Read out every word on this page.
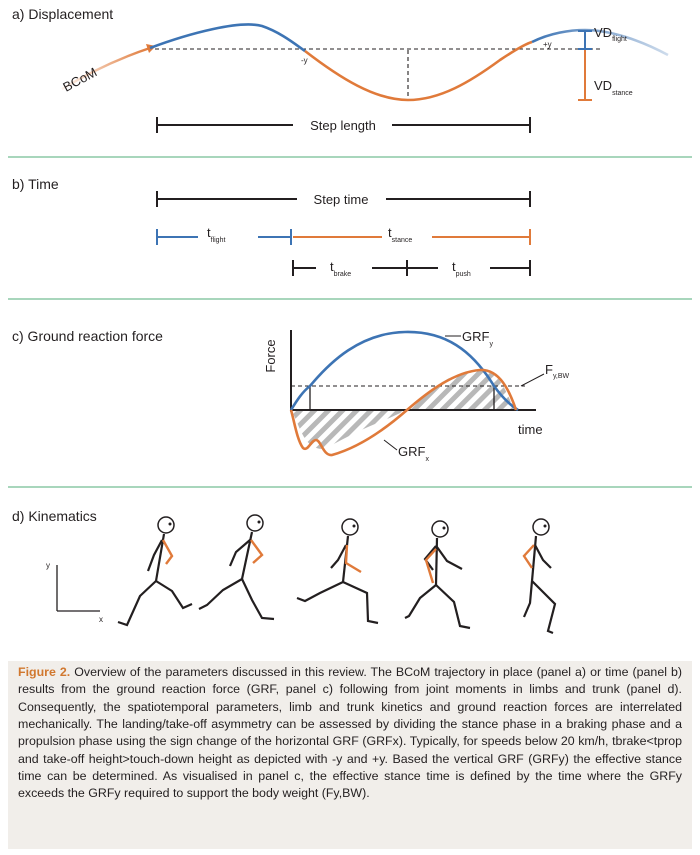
a) Displacement
BCoM
-y
+y
$VD_{flight}$
$VD_{stance}$
Step length
b) Time
Step time
$t_{flight}$
$t_{stance}$
$t_{brake}$
$t_{push}$
c) Ground reaction force
Force
time
$F_{y,BW}$
$GRF_y$
$GRF_x$
d) Kinematics
y
x
Figure 2. Overview of the parameters discussed in this review. The BCoM trajectory in place (panel a) or time (panel b) results from the ground reaction force (GRF, panel c) following from joint moments in limbs and trunk (panel d). Consequently, the spatiotemporal parameters, limb and trunk kinetics and ground reaction forces are interrelated mechanically. The landing/take-off asymmetry can be assessed by dividing the stance phase in a braking phase and a propulsion phase using the sign change of the horizontal GRF (GRFx). Typically, for speeds below 20 km/h, tbrake<tprop and take-off height>touch-down height as depicted with -y and +y. Based the vertical GRF (GRFy) the effective stance time can be determined. As visualised in panel c, the effective stance time is defined by the time where the GRFy exceeds the GRFy required to support the body weight (Fy,BW).
